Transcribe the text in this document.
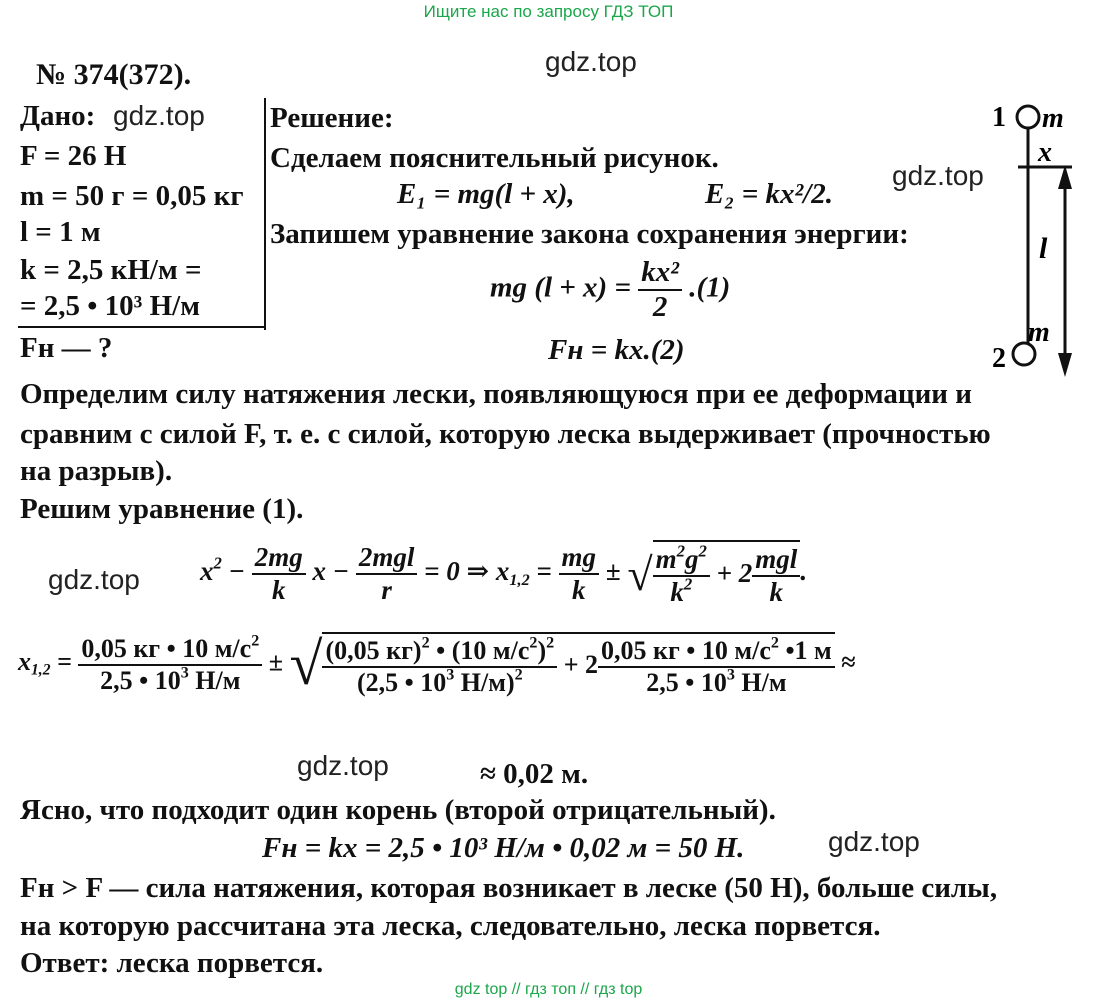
Ищите нас по запросу ГДЗ ТОП
№ 374(372).	gdz.top
Дано: gdz.top
F = 26 Н
m = 50 г = 0,05 кг
l = 1 м
k = 2,5 кН/м =
= 2,5 • 10³ Н/м
Fн — ?
Решение:
Сделаем пояснительный рисунок.
E₁ = mg(l + x),	E₂ = kx²/2.
gdz.top
Запишем уравнение закона сохранения энергии:
mg $(l + x) = \frac{\text{kx²}}{2} .(1)$
Fн = kx.(2)
1 m
x
l
m
2
Определим силу натяжения лески, появляющуюся при ее деформации и
сравним с силой F, т. е. с силой, которую леска выдерживает (прочностью
на разрыв).
Решим уравнение (1).
gdz.top $x^2 - \frac{2mg}{k}$ $x - \frac{\text{2mgl}}{r} = 0$ ⇒ $x_{1,2} = \frac{mg}{k}$ ± √ $\frac{m^2g^2}{k^2} + 2 \frac{\text{mgl}}{k}$ .
$x_{1,2} = \frac{0,05 кг • 10 м/с^2}{2,5 • 10^3 Н/м}$ ± √ $\frac{(0,05 кг)^2 • (10 м/с^2)^2}{(2,5 • 10^3 Н/м)^2} + 2 \frac{0,05 кг • 10 м/с^2 •1 м}{2,5 • 10^3 Н/м}$ ≈
gdz.top	≈ 0,02 м.
Ясно, что подходит один корень (второй отрицательный).
Fн = kx = 2,5 • 10³ Н/м • 0,02 м = 50 Н.	gdz.top
Fн > F — сила натяжения, которая возникает в леске (50 Н), больше силы,
на которую рассчитана эта леска, следовательно, леска порвется.
Ответ: леска порвется.
gdz top // гдз топ // гдз top
